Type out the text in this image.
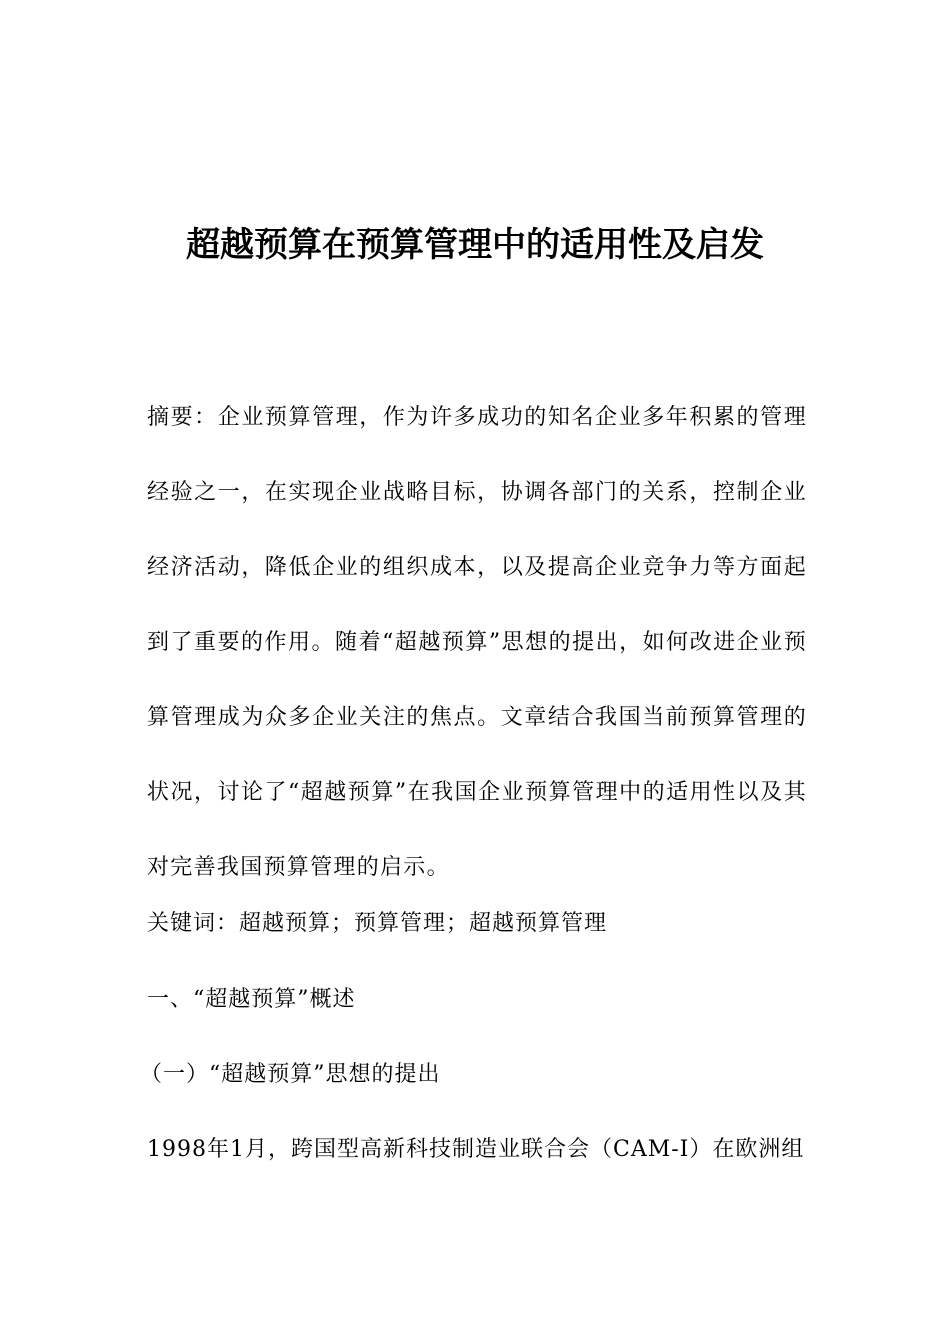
超越预算在预算管理中的适用性及启发

摘要：企业预算管理，作为许多成功的知名企业多年积累的管理经验之一，在实现企业战略目标，协调各部门的关系，控制企业经济活动，降低企业的组织成本，以及提高企业竞争力等方面起到了重要的作用。随着“超越预算”思想的提出，如何改进企业预算管理成为众多企业关注的焦点。文章结合我国当前预算管理的状况，讨论了“超越预算”在我国企业预算管理中的适用性以及其对完善我国预算管理的启示。

关键词：超越预算；预算管理；超越预算管理

一、“超越预算”概述

（一）“超越预算”思想的提出

1998年1月，跨国型高新科技制造业联合会（CAM-I）在欧洲组
